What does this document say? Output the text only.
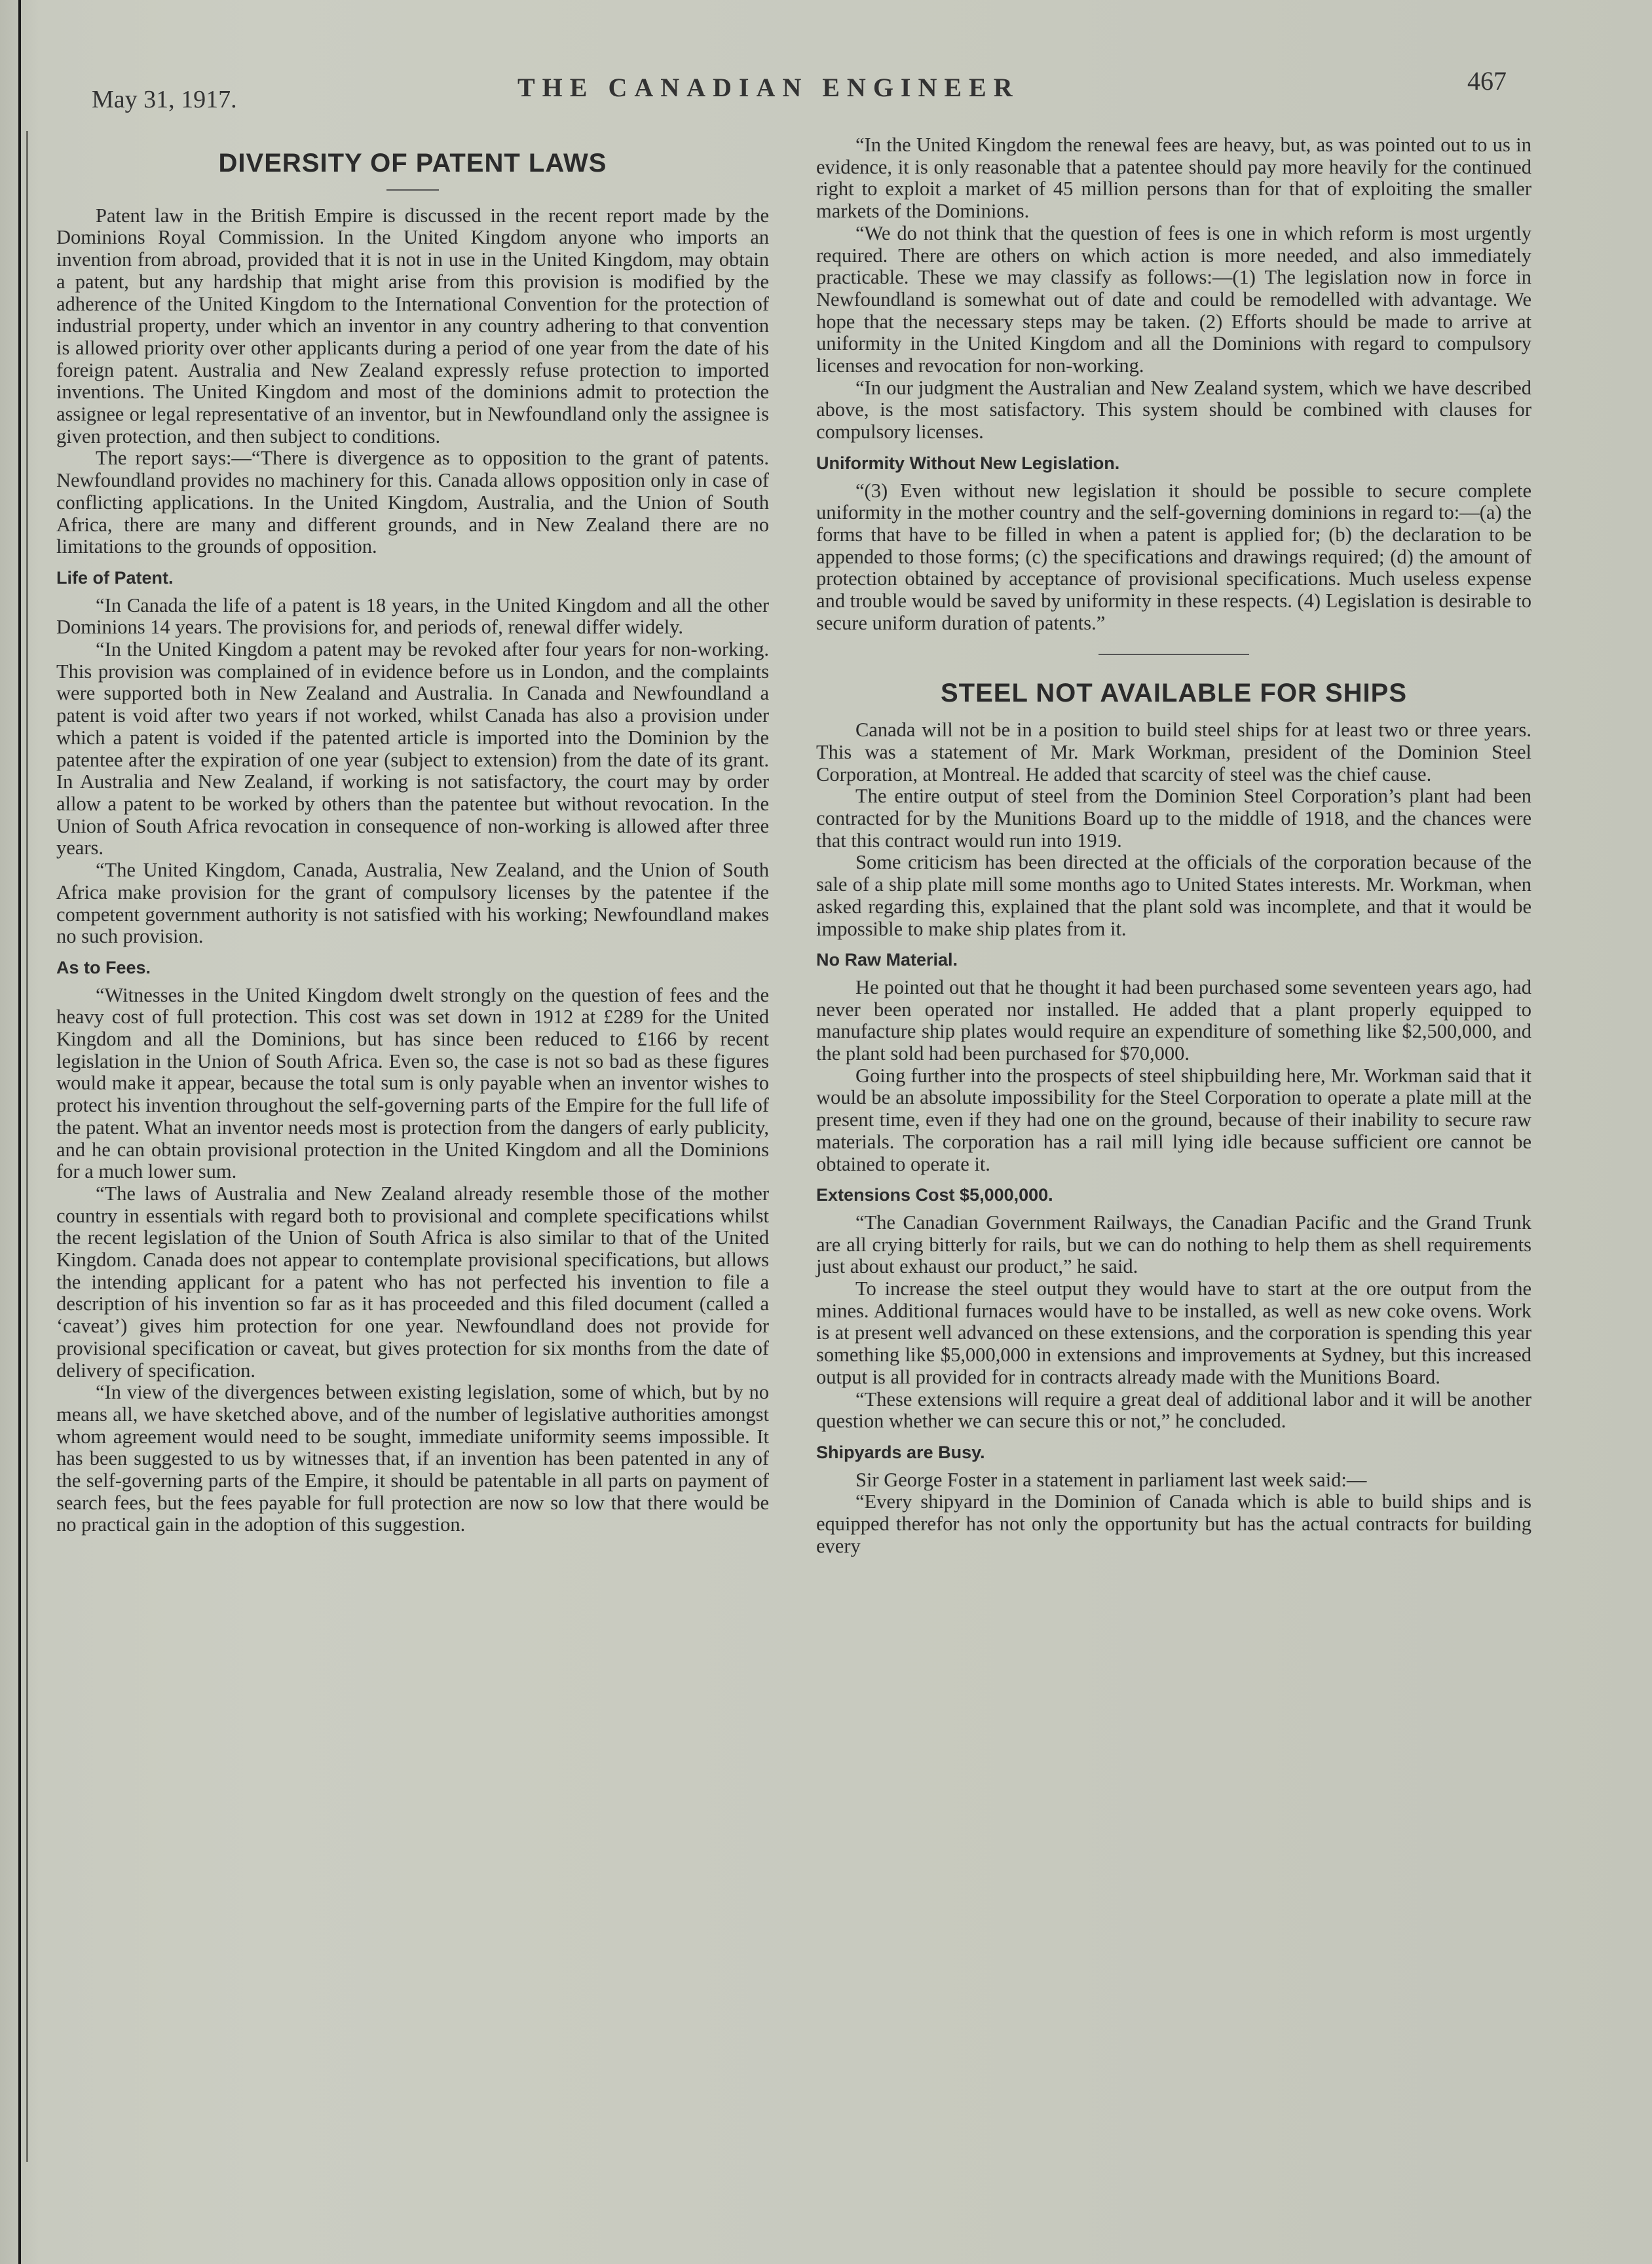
May 31, 1917.	THE CANADIAN ENGINEER	467
DIVERSITY OF PATENT LAWS

Patent law in the British Empire is discussed in the recent report made by the Dominions Royal Commission. In the United Kingdom anyone who imports an invention from abroad, provided that it is not in use in the United Kingdom, may obtain a patent, but any hardship that might arise from this provision is modified by the adherence of the United Kingdom to the International Convention for the protection of industrial property, under which an inventor in any country adhering to that convention is allowed priority over other applicants during a period of one year from the date of his foreign patent. Australia and New Zealand expressly refuse protection to imported inventions. The United Kingdom and most of the dominions admit to protection the assignee or legal representative of an inventor, but in Newfoundland only the assignee is given protection, and then subject to conditions.

The report says:—“There is divergence as to opposition to the grant of patents. Newfoundland provides no machinery for this. Canada allows opposition only in case of conflicting applications. In the United Kingdom, Australia, and the Union of South Africa, there are many and different grounds, and in New Zealand there are no limitations to the grounds of opposition.

Life of Patent.

“In Canada the life of a patent is 18 years, in the United Kingdom and all the other Dominions 14 years. The provisions for, and periods of, renewal differ widely.

“In the United Kingdom a patent may be revoked after four years for non-working. This provision was complained of in evidence before us in London, and the complaints were supported both in New Zealand and Australia. In Canada and Newfoundland a patent is void after two years if not worked, whilst Canada has also a provision under which a patent is voided if the patented article is imported into the Dominion by the patentee after the expiration of one year (subject to extension) from the date of its grant. In Australia and New Zealand, if working is not satisfactory, the court may by order allow a patent to be worked by others than the patentee but without revocation. In the Union of South Africa revocation in consequence of non-working is allowed after three years.

“The United Kingdom, Canada, Australia, New Zealand, and the Union of South Africa make provision for the grant of compulsory licenses by the patentee if the competent government authority is not satisfied with his working; Newfoundland makes no such provision.

As to Fees.

“Witnesses in the United Kingdom dwelt strongly on the question of fees and the heavy cost of full protection. This cost was set down in 1912 at £289 for the United Kingdom and all the Dominions, but has since been reduced to £166 by recent legislation in the Union of South Africa. Even so, the case is not so bad as these figures would make it appear, because the total sum is only payable when an inventor wishes to protect his invention throughout the self-governing parts of the Empire for the full life of the patent. What an inventor needs most is protection from the dangers of early publicity, and he can obtain provisional protection in the United Kingdom and all the Dominions for a much lower sum.

“The laws of Australia and New Zealand already resemble those of the mother country in essentials with regard both to provisional and complete specifications whilst the recent legislation of the Union of South Africa is also similar to that of the United Kingdom. Canada does not appear to contemplate provisional specifications, but allows the intending applicant for a patent who has not perfected his invention to file a description of his invention so far as it has proceeded and this filed document (called a ‘caveat’) gives him protection for one year. Newfoundland does not provide for provisional specification or caveat, but gives protection for six months from the date of delivery of specification.

“In view of the divergences between existing legislation, some of which, but by no means all, we have sketched above, and of the number of legislative authorities amongst whom agreement would need to be sought, immediate uniformity seems impossible. It has been suggested to us by witnesses that, if an invention has been patented in any of the self-governing parts of the Empire, it should be patentable in all parts on payment of search fees, but the fees payable for full protection are now so low that there would be no practical gain in the adoption of this suggestion.

“In the United Kingdom the renewal fees are heavy, but, as was pointed out to us in evidence, it is only reasonable that a patentee should pay more heavily for the continued right to exploit a market of 45 million persons than for that of exploiting the smaller markets of the Dominions.

“We do not think that the question of fees is one in which reform is most urgently required. There are others on which action is more needed, and also immediately practicable. These we may classify as follows:—(1) The legislation now in force in Newfoundland is somewhat out of date and could be remodelled with advantage. We hope that the necessary steps may be taken. (2) Efforts should be made to arrive at uniformity in the United Kingdom and all the Dominions with regard to compulsory licenses and revocation for non-working.

“In our judgment the Australian and New Zealand system, which we have described above, is the most satisfactory. This system should be combined with clauses for compulsory licenses.

Uniformity Without New Legislation.

“(3) Even without new legislation it should be possible to secure complete uniformity in the mother country and the self-governing dominions in regard to:—(a) the forms that have to be filled in when a patent is applied for; (b) the declaration to be appended to those forms; (c) the specifications and drawings required; (d) the amount of protection obtained by acceptance of provisional specifications. Much useless expense and trouble would be saved by uniformity in these respects. (4) Legislation is desirable to secure uniform duration of patents.”

STEEL NOT AVAILABLE FOR SHIPS

Canada will not be in a position to build steel ships for at least two or three years. This was a statement of Mr. Mark Workman, president of the Dominion Steel Corporation, at Montreal. He added that scarcity of steel was the chief cause.

The entire output of steel from the Dominion Steel Corporation’s plant had been contracted for by the Munitions Board up to the middle of 1918, and the chances were that this contract would run into 1919.

Some criticism has been directed at the officials of the corporation because of the sale of a ship plate mill some months ago to United States interests. Mr. Workman, when asked regarding this, explained that the plant sold was incomplete, and that it would be impossible to make ship plates from it.

No Raw Material.

He pointed out that he thought it had been purchased some seventeen years ago, had never been operated nor installed. He added that a plant properly equipped to manufacture ship plates would require an expenditure of something like $2,500,000, and the plant sold had been purchased for $70,000.

Going further into the prospects of steel shipbuilding here, Mr. Workman said that it would be an absolute impossibility for the Steel Corporation to operate a plate mill at the present time, even if they had one on the ground, because of their inability to secure raw materials. The corporation has a rail mill lying idle because sufficient ore cannot be obtained to operate it.

Extensions Cost $5,000,000.

“The Canadian Government Railways, the Canadian Pacific and the Grand Trunk are all crying bitterly for rails, but we can do nothing to help them as shell requirements just about exhaust our product,” he said.

To increase the steel output they would have to start at the ore output from the mines. Additional furnaces would have to be installed, as well as new coke ovens. Work is at present well advanced on these extensions, and the corporation is spending this year something like $5,000,000 in extensions and improvements at Sydney, but this increased output is all provided for in contracts already made with the Munitions Board.

“These extensions will require a great deal of additional labor and it will be another question whether we can secure this or not,” he concluded.

Shipyards are Busy.

Sir George Foster in a statement in parliament last week said:—

“Every shipyard in the Dominion of Canada which is able to build ships and is equipped therefor has not only the opportunity but has the actual contracts for building every
